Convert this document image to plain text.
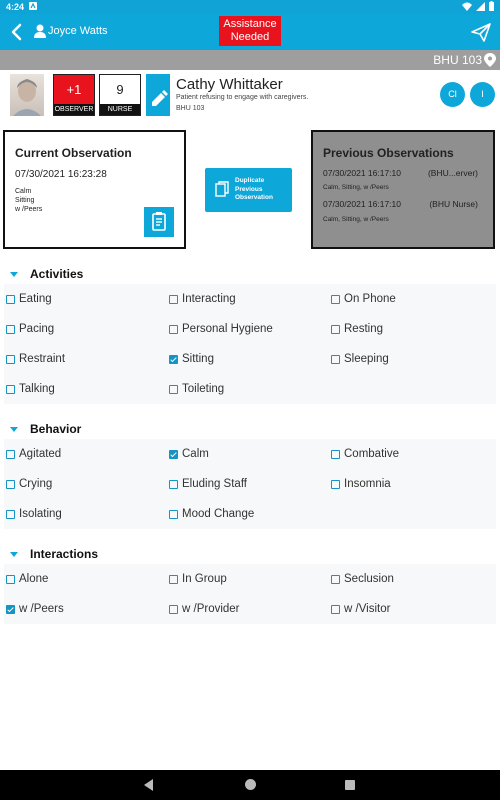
4:24
Joyce Watts
Assistance Needed
BHU 103
+1
OBSERVER
9
NURSE
Cathy Whittaker
Patient refusing to engage with caregivers.
BHU 103
Cl	I
Current Observation
07/30/2021 16:23:28
Calm
Sitting
w /Peers
Duplicate
Previous
Observation
Previous Observations
07/30/2021 16:17:10	(BHU...erver)
Calm, Sitting, w /Peers
07/30/2021 16:17:10	(BHU Nurse)
Calm, Sitting, w /Peers
Activities
Eating	Interacting	On Phone
Pacing	Personal Hygiene	Resting
Restraint	Sitting	Sleeping
Talking	Toileting
Behavior
Agitated	Calm	Combative
Crying	Eluding Staff	Insomnia
Isolating	Mood Change
Interactions
Alone	In Group	Seclusion
w /Peers	w /Provider	w /Visitor
